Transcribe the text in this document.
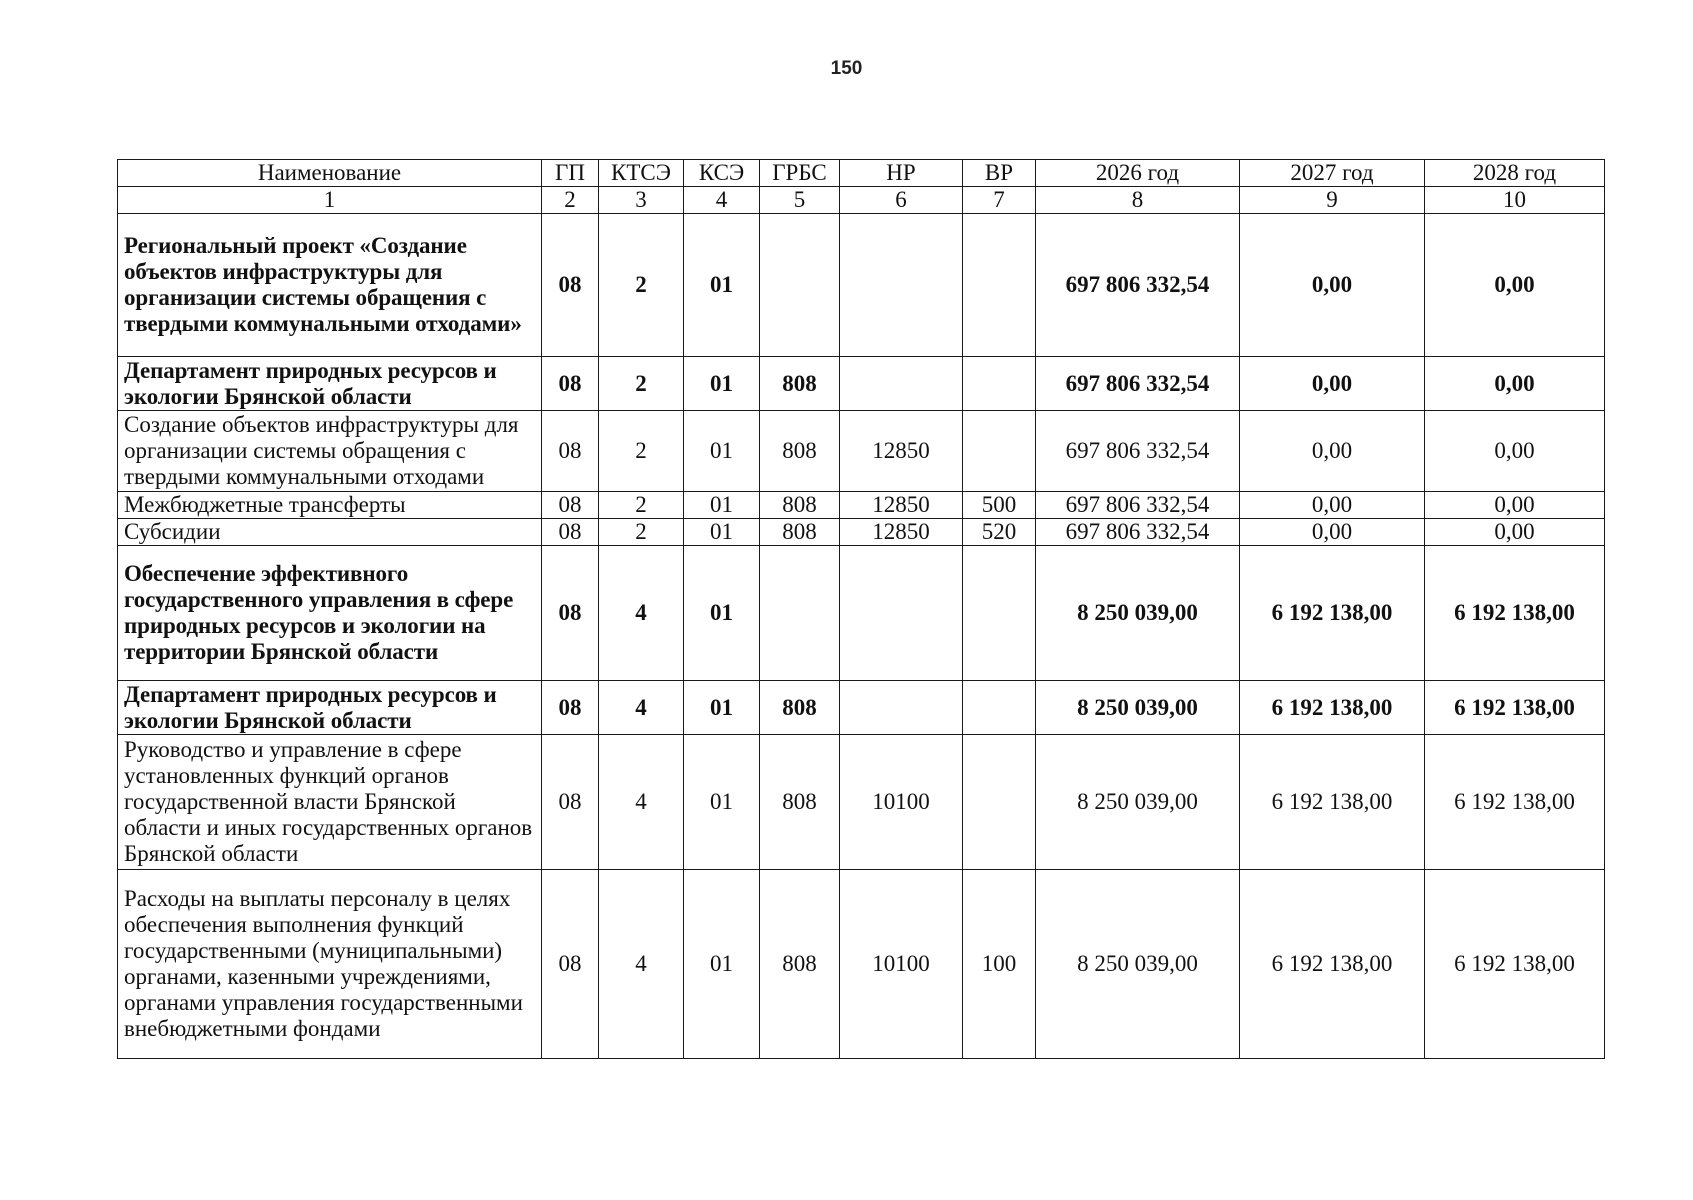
150
Наименование	ГП	КТСЭ	КСЭ	ГРБС	НР	ВР	2026 год	2027 год	2028 год
1	2	3	4	5	6	7	8	9	10
Региональный проект «Создание объектов инфраструктуры для организации системы обращения с твердыми коммунальными отходами»	08	2	01				697 806 332,54	0,00	0,00
Департамент природных ресурсов и экологии Брянской области	08	2	01	808			697 806 332,54	0,00	0,00
Создание объектов инфраструктуры для организации системы обращения с твердыми коммунальными отходами	08	2	01	808	12850		697 806 332,54	0,00	0,00
Межбюджетные трансферты	08	2	01	808	12850	500	697 806 332,54	0,00	0,00
Субсидии	08	2	01	808	12850	520	697 806 332,54	0,00	0,00
Обеспечение эффективного государственного управления в сфере природных ресурсов и экологии на территории Брянской области	08	4	01				8 250 039,00	6 192 138,00	6 192 138,00
Департамент природных ресурсов и экологии Брянской области	08	4	01	808			8 250 039,00	6 192 138,00	6 192 138,00
Руководство и управление в сфере установленных функций органов государственной власти Брянской области и иных государственных органов Брянской области	08	4	01	808	10100		8 250 039,00	6 192 138,00	6 192 138,00
Расходы на выплаты персоналу в целях обеспечения выполнения функций государственными (муниципальными) органами, казенными учреждениями, органами управления государственными внебюджетными фондами	08	4	01	808	10100	100	8 250 039,00	6 192 138,00	6 192 138,00
